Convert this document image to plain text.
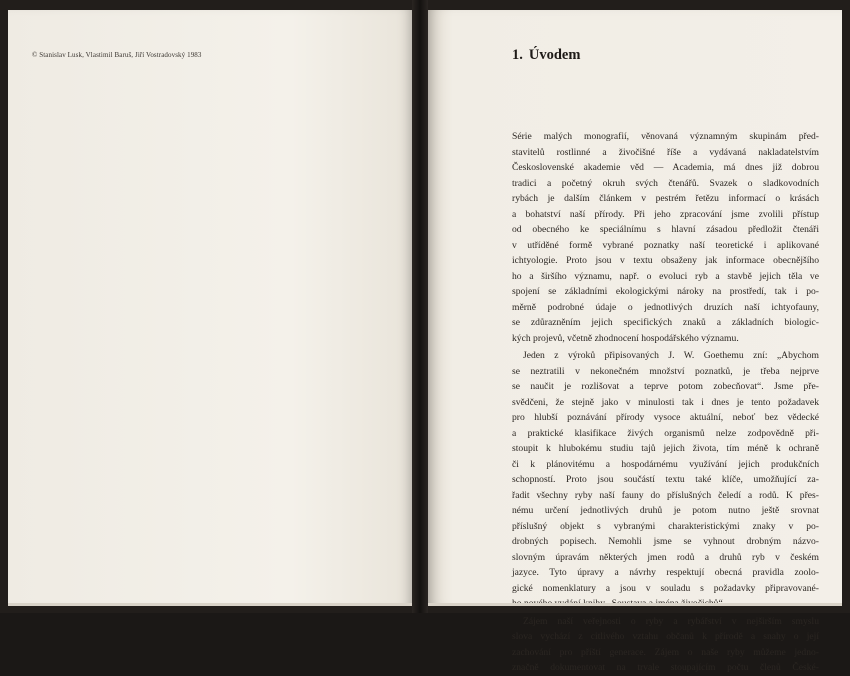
© Stanislav Lusk, Vlastimil Baruš, Jiří Vostradovský 1983	1. Úvodem
Série malých monografií, věnovaná významným skupinám před-
stavitelů rostlinné a živočišné říše a vydávaná nakladatelstvím
Československé akademie věd — Academia, má dnes již dobrou
tradici a početný okruh svých čtenářů. Svazek o sladkovodních
rybách je dalším článkem v pestrém řetězu informací o krásách
a bohatství naší přírody. Při jeho zpracování jsme zvolili přístup
od obecného ke speciálnímu s hlavní zásadou předložit čtenáři
v utříděné formě vybrané poznatky naší teoretické i aplikované
ichtyologie. Proto jsou v textu obsaženy jak informace obecnějšího
ho a širšího významu, např. o evoluci ryb a stavbě jejich těla ve
spojení se základními ekologickými nároky na prostředí, tak i po-
měrně podrobné údaje o jednotlivých druzích naší ichtyofauny,
se zdůrazněním jejich specifických znaků a základních biologic-
kých projevů, včetně zhodnocení hospodářského významu.
Jeden z výroků připisovaných J. W. Goethemu zní: „Abychom
se neztratili v nekonečném množství poznatků, je třeba nejprve
se naučit je rozlišovat a teprve potom zobecňovat“. Jsme pře-
svědčeni, že stejně jako v minulosti tak i dnes je tento požadavek
pro hlubší poznávání přírody vysoce aktuální, neboť bez vědecké
a praktické klasifikace živých organismů nelze zodpovědně při-
stoupit k hlubokému studiu tajů jejich života, tím méně k ochraně
či k plánovitému a hospodárnému využívání jejich produkčních
schopností. Proto jsou součástí textu také klíče, umožňující za-
řadit všechny ryby naší fauny do příslušných čeledí a rodů. K přes-
nému určení jednotlivých druhů je potom nutno ještě srovnat
příslušný objekt s vybranými charakteristickými znaky v po-
drobných popisech. Nemohli jsme se vyhnout drobným názvo-
slovným úpravám některých jmen rodů a druhů ryb v českém
jazyce. Tyto úpravy a návrhy respektují obecná pravidla zoolo-
gické nomenklatury a jsou v souladu s požadavky připravované-
Zájem naší veřejnosti o ryby a rybářství v nejširším smyslu
slova vychází z citlivého vztahu občanů k přírodě a snahy o její
zachování pro příští generace. Zájem o naše ryby můžeme jedno-
značně dokumentovat na trvale stoupajícím počtu členů České-
